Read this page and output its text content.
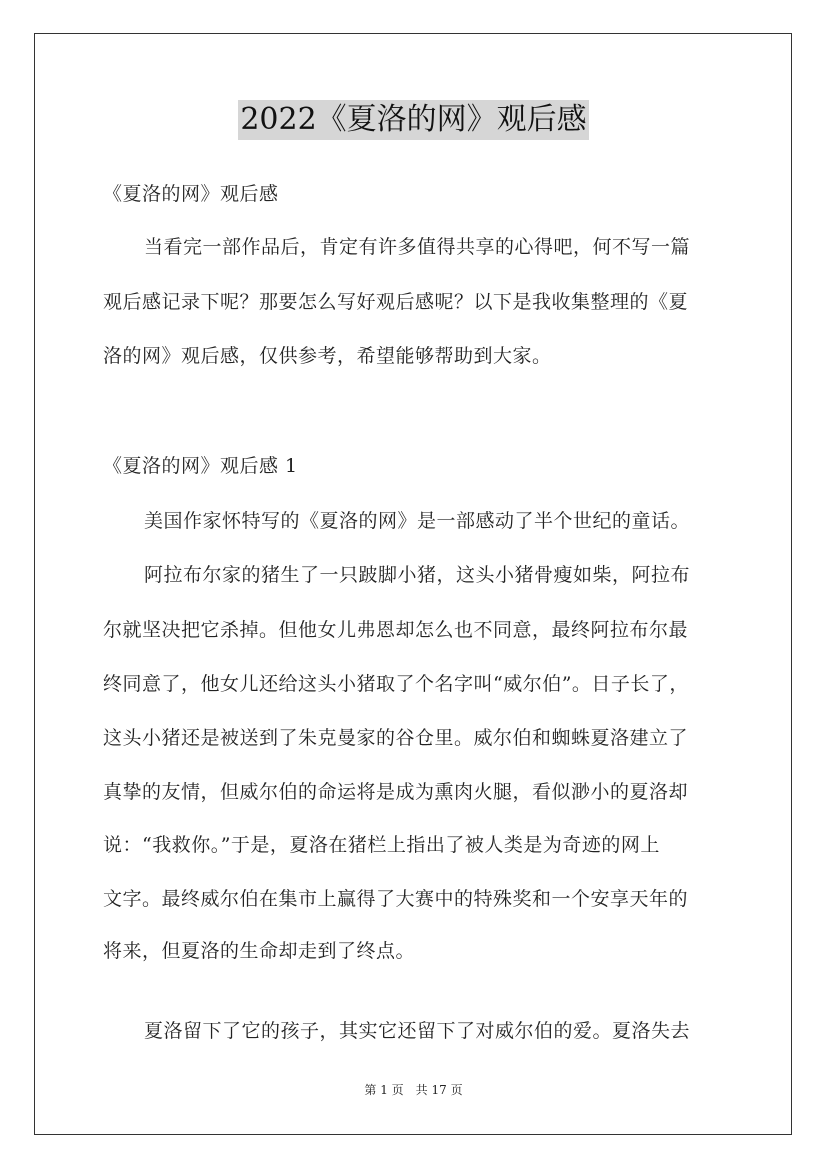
2022《夏洛的网》观后感
《夏洛的网》观后感
当看完一部作品后，肯定有许多值得共享的心得吧，何不写一篇
观后感记录下呢？那要怎么写好观后感呢？以下是我收集整理的《夏
洛的网》观后感，仅供参考，希望能够帮助到大家。
《夏洛的网》观后感 1
美国作家怀特写的《夏洛的网》是一部感动了半个世纪的童话。
阿拉布尔家的猪生了一只跛脚小猪，这头小猪骨瘦如柴，阿拉布
尔就坚决把它杀掉。但他女儿弗恩却怎么也不同意，最终阿拉布尔最
终同意了，他女儿还给这头小猪取了个名字叫“威尔伯”。日子长了，
这头小猪还是被送到了朱克曼家的谷仓里。威尔伯和蜘蛛夏洛建立了
真挚的友情，但威尔伯的命运将是成为熏肉火腿，看似渺小的夏洛却
说：“我救你。”于是，夏洛在猪栏上指出了被人类是为奇迹的网上
文字。最终威尔伯在集市上赢得了大赛中的特殊奖和一个安享天年的
将来，但夏洛的生命却走到了终点。
夏洛留下了它的孩子，其实它还留下了对威尔伯的爱。夏洛失去
第 1 页　共 17 页
